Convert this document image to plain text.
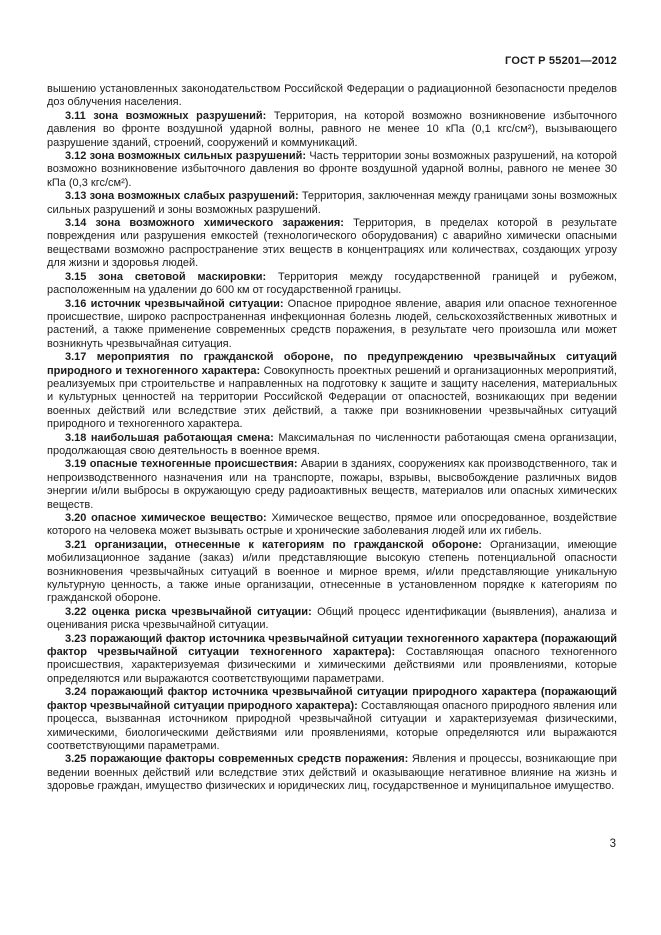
ГОСТ Р 55201—2012

вышению установленных законодательством Российской Федерации о радиационной безопасности пределов доз облучения населения.

3.11 зона возможных разрушений: Территория, на которой возможно возникновение избыточного давления во фронте воздушной ударной волны, равного не менее 10 кПа (0,1 кгс/см²), вызывающего разрушение зданий, строений, сооружений и коммуникаций.

3.12 зона возможных сильных разрушений: Часть территории зоны возможных разрушений, на которой возможно возникновение избыточного давления во фронте воздушной ударной волны, равного не менее 30 кПа (0,3 кгс/см²).

3.13 зона возможных слабых разрушений: Территория, заключенная между границами зоны возможных сильных разрушений и зоны возможных разрушений.

3.14 зона возможного химического заражения: Территория, в пределах которой в результате повреждения или разрушения емкостей (технологического оборудования) с аварийно химически опасными веществами возможно распространение этих веществ в концентрациях или количествах, создающих угрозу для жизни и здоровья людей.

3.15 зона световой маскировки: Территория между государственной границей и рубежом, расположенным на удалении до 600 км от государственной границы.

3.16 источник чрезвычайной ситуации: Опасное природное явление, авария или опасное техногенное происшествие, широко распространенная инфекционная болезнь людей, сельскохозяйственных животных и растений, а также применение современных средств поражения, в результате чего произошла или может возникнуть чрезвычайная ситуация.

3.17 мероприятия по гражданской обороне, по предупреждению чрезвычайных ситуаций природного и техногенного характера: Совокупность проектных решений и организационных мероприятий, реализуемых при строительстве и направленных на подготовку к защите и защиту населения, материальных и культурных ценностей на территории Российской Федерации от опасностей, возникающих при ведении военных действий или вследствие этих действий, а также при возникновении чрезвычайных ситуаций природного и техногенного характера.

3.18 наибольшая работающая смена: Максимальная по численности работающая смена организации, продолжающая свою деятельность в военное время.

3.19 опасные техногенные происшествия: Аварии в зданиях, сооружениях как производственного, так и непроизводственного назначения или на транспорте, пожары, взрывы, высвобождение различных видов энергии и/или выбросы в окружающую среду радиоактивных веществ, материалов или опасных химических веществ.

3.20 опасное химическое вещество: Химическое вещество, прямое или опосредованное, воздействие которого на человека может вызывать острые и хронические заболевания людей или их гибель.

3.21 организации, отнесенные к категориям по гражданской обороне: Организации, имеющие мобилизационное задание (заказ) и/или представляющие высокую степень потенциальной опасности возникновения чрезвычайных ситуаций в военное и мирное время, и/или представляющие уникальную культурную ценность, а также иные организации, отнесенные в установленном порядке к категориям по гражданской обороне.

3.22 оценка риска чрезвычайной ситуации: Общий процесс идентификации (выявления), анализа и оценивания риска чрезвычайной ситуации.

3.23 поражающий фактор источника чрезвычайной ситуации техногенного характера (поражающий фактор чрезвычайной ситуации техногенного характера): Составляющая опасного техногенного происшествия, характеризуемая физическими и химическими действиями или проявлениями, которые определяются или выражаются соответствующими параметрами.

3.24 поражающий фактор источника чрезвычайной ситуации природного характера (поражающий фактор чрезвычайной ситуации природного характера): Составляющая опасного природного явления или процесса, вызванная источником природной чрезвычайной ситуации и характеризуемая физическими, химическими, биологическими действиями или проявлениями, которые определяются или выражаются соответствующими параметрами.

3.25 поражающие факторы современных средств поражения: Явления и процессы, возникающие при ведении военных действий или вследствие этих действий и оказывающие негативное влияние на жизнь и здоровье граждан, имущество физических и юридических лиц, государственное и муниципальное имущество.

3
